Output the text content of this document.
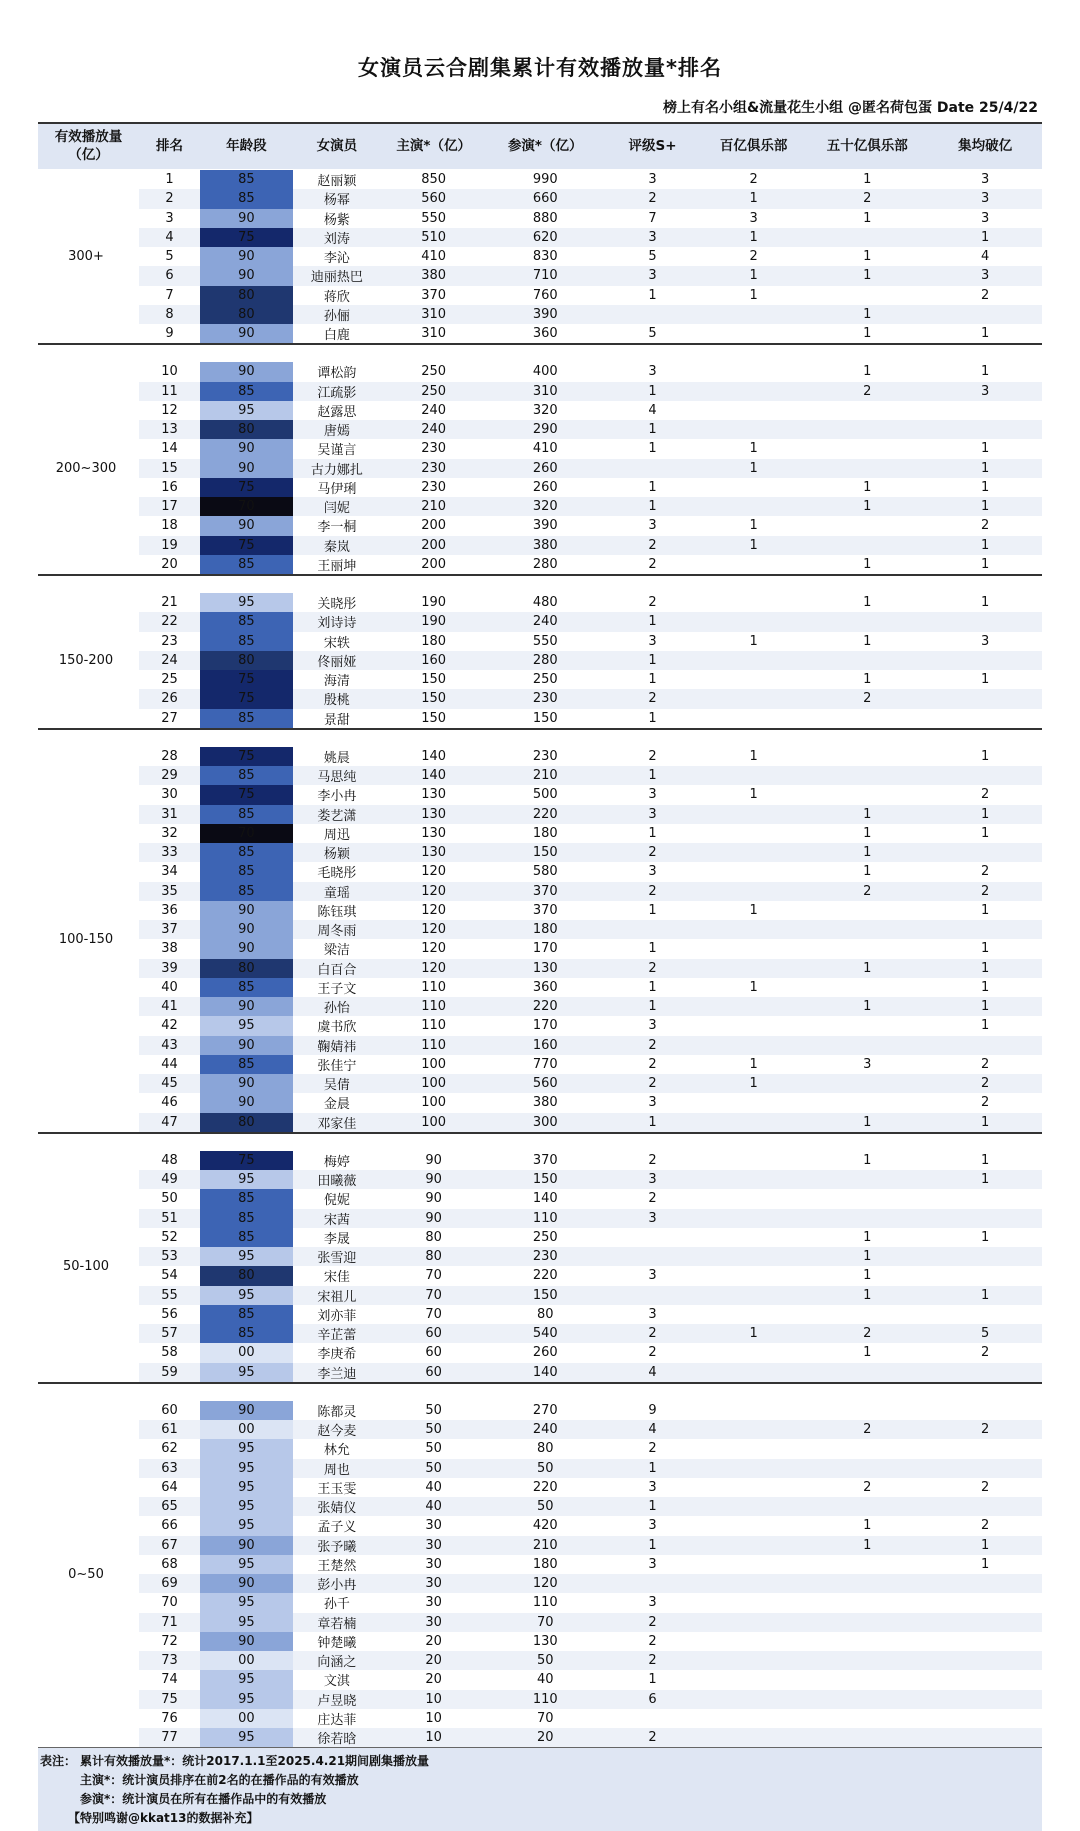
女演员云合剧集累计有效播放量*排名
榜上有名小组&流量花生小组 @匿名荷包蛋 Date 25/4/22
有效播放量
（亿）	排名	年龄段	女演员	主演*（亿）	参演*（亿）	评级S+	百亿俱乐部	五十亿俱乐部	集均破亿
300+
	1	85	赵丽颖	850	990	3	2	1	3
	2	85	杨幂	560	660	2	1	2	3
	3	90	杨紫	550	880	7	3	1	3
	4	75	刘涛	510	620	3	1		1
	5	90	李沁	410	830	5	2	1	4
	6	90	迪丽热巴	380	710	3	1	1	3
	7	80	蒋欣	370	760	1	1		2
	8	80	孙俪	310	390			1	
	9	90	白鹿	310	360	5		1	1
200~300
	10	90	谭松韵	250	400	3		1	1
	11	85	江疏影	250	310	1		2	3
	12	95	赵露思	240	320	4			
	13	80	唐嫣	240	290	1			
	14	90	吴谨言	230	410	1	1		1
	15	90	古力娜扎	230	260		1		1
	16	75	马伊琍	230	260	1		1	1
	17	70	闫妮	210	320	1		1	1
	18	90	李一桐	200	390	3	1		2
	19	75	秦岚	200	380	2	1		1
	20	85	王丽坤	200	280	2		1	1
150-200
	21	95	关晓彤	190	480	2		1	1
	22	85	刘诗诗	190	240	1			
	23	85	宋轶	180	550	3	1	1	3
	24	80	佟丽娅	160	280	1			
	25	75	海清	150	250	1		1	1
	26	75	殷桃	150	230	2		2	
	27	85	景甜	150	150	1			
100-150
	28	75	姚晨	140	230	2	1		1
	29	85	马思纯	140	210	1			
	30	75	李小冉	130	500	3	1		2
	31	85	娄艺潇	130	220	3		1	1
	32	70	周迅	130	180	1		1	1
	33	85	杨颖	130	150	2		1	
	34	85	毛晓彤	120	580	3		1	2
	35	85	童瑶	120	370	2		2	2
	36	90	陈钰琪	120	370	1	1		1
	37	90	周冬雨	120	180				
	38	90	梁洁	120	170	1			1
	39	80	白百合	120	130	2		1	1
	40	85	王子文	110	360	1	1		1
	41	90	孙怡	110	220	1		1	1
	42	95	虞书欣	110	170	3			1
	43	90	鞠婧祎	110	160	2			
	44	85	张佳宁	100	770	2	1	3	2
	45	90	吴倩	100	560	2	1		2
	46	90	金晨	100	380	3			2
	47	80	邓家佳	100	300	1		1	1
50-100
	48	75	梅婷	90	370	2		1	1
	49	95	田曦薇	90	150	3			1
	50	85	倪妮	90	140	2			
	51	85	宋茜	90	110	3			
	52	85	李晟	80	250			1	1
	53	95	张雪迎	80	230			1	
	54	80	宋佳	70	220	3		1	
	55	95	宋祖儿	70	150			1	1
	56	85	刘亦菲	70	80	3			
	57	85	辛芷蕾	60	540	2	1	2	5
	58	00	李庚希	60	260	2		1	2
	59	95	李兰迪	60	140	4			
0~50
	60	90	陈都灵	50	270	9			
	61	00	赵今麦	50	240	4		2	2
	62	95	林允	50	80	2			
	63	95	周也	50	50	1			
	64	95	王玉雯	40	220	3		2	2
	65	95	张婧仪	40	50	1			
	66	95	孟子义	30	420	3		1	2
	67	90	张予曦	30	210	1		1	1
	68	95	王楚然	30	180	3			1
	69	90	彭小冉	30	120				
	70	95	孙千	30	110	3			
	71	95	章若楠	30	70	2			
	72	90	钟楚曦	20	130	2			
	73	00	向涵之	20	50	2			
	74	95	文淇	20	40	1			
	75	95	卢昱晓	10	110	6			
	76	00	庄达菲	10	70				
	77	95	徐若晗	10	20	2			
表注： 累计有效播放量*：统计2017.1.1至2025.4.21期间剧集播放量
主演*：统计演员排序在前2名的在播作品的有效播放
参演*：统计演员在所有在播作品中的有效播放
【特别鸣谢@kkat13的数据补充】
